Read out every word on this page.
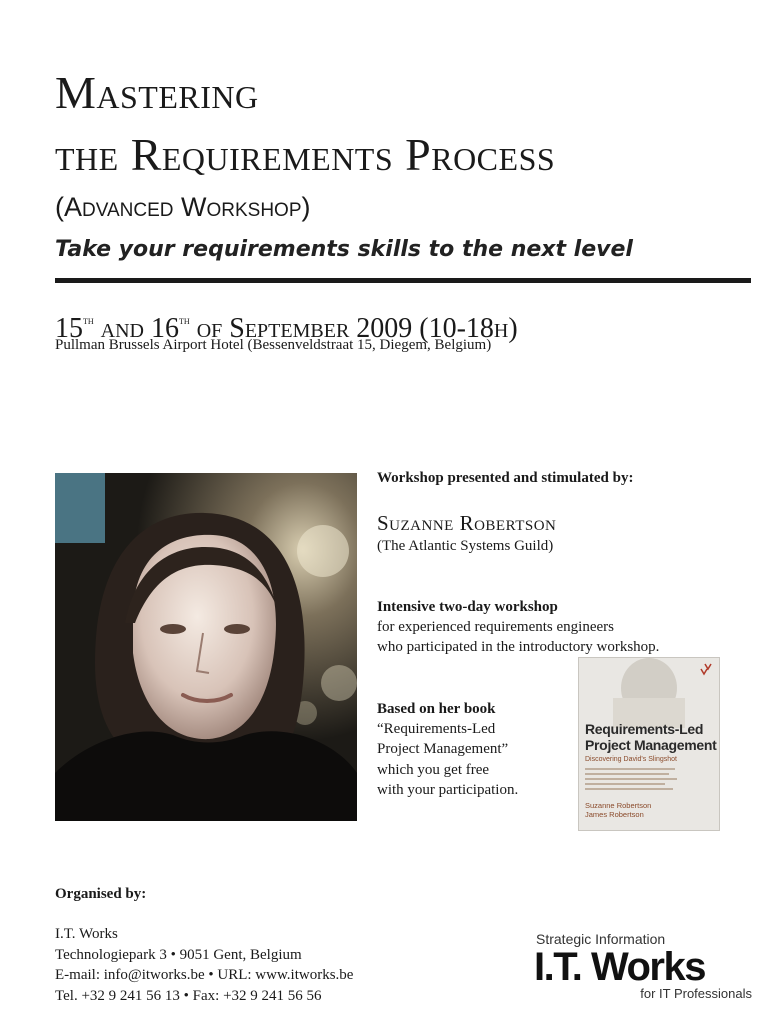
Mastering
the Requirements Process
(Advanced Workshop)
Take your requirements skills to the next level
15th and 16th of September 2009 (10-18h)
Pullman Brussels Airport Hotel (Bessenveldstraat 15, Diegem, Belgium)
Workshop presented and stimulated by:
Suzanne Robertson
(The Atlantic Systems Guild)
Intensive two-day workshop
for experienced requirements engineers
who participated in the introductory workshop.
Based on her book
“Requirements-Led
Project Management”
which you get free
with your participation.
Requirements-Led
Project Management
Discovering David's Slingshot
Suzanne Robertson
James Robertson
Organised by:
I.T. Works
Technologiepark 3 • 9051 Gent, Belgium
E-mail: info@itworks.be • URL: www.itworks.be
Tel. +32 9 241 56 13 • Fax: +32 9 241 56 56
Strategic Information
I.T. Works
for IT Professionals
